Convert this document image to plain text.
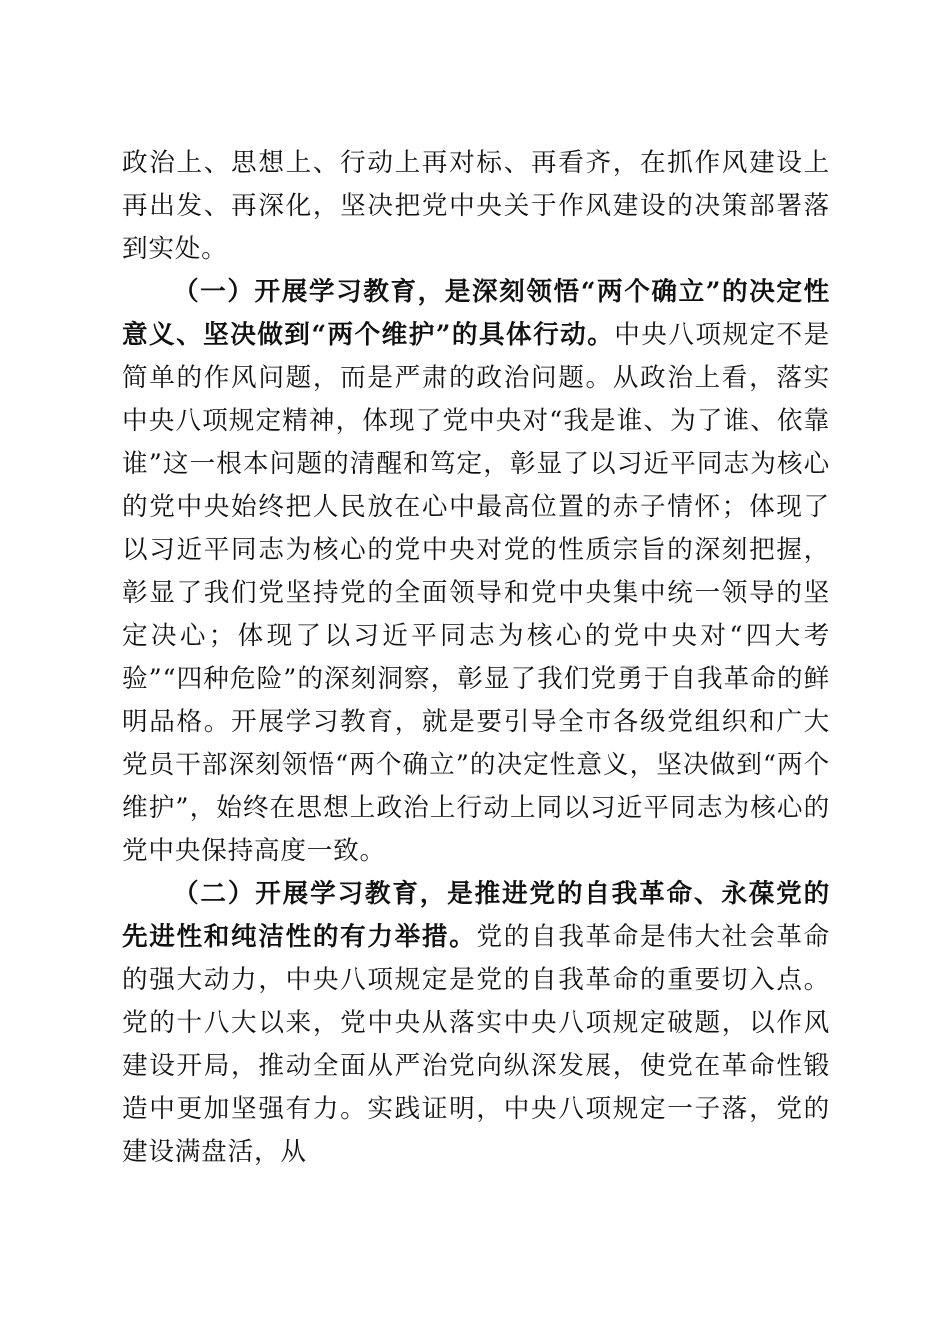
政治上、思想上、行动上再对标、再看齐，在抓作风建设上再出发、再深化，坚决把党中央关于作风建设的决策部署落到实处。

（一）开展学习教育，是深刻领悟“两个确立”的决定性意义、坚决做到“两个维护”的具体行动。中央八项规定不是简单的作风问题，而是严肃的政治问题。从政治上看，落实中央八项规定精神，体现了党中央对“我是谁、为了谁、依靠谁”这一根本问题的清醒和笃定，彰显了以习近平同志为核心的党中央始终把人民放在心中最高位置的赤子情怀；体现了以习近平同志为核心的党中央对党的性质宗旨的深刻把握，彰显了我们党坚持党的全面领导和党中央集中统一领导的坚定决心；体现了以习近平同志为核心的党中央对“四大考验”“四种危险”的深刻洞察，彰显了我们党勇于自我革命的鲜明品格。开展学习教育，就是要引导全市各级党组织和广大党员干部深刻领悟“两个确立”的决定性意义，坚决做到“两个维护”，始终在思想上政治上行动上同以习近平同志为核心的党中央保持高度一致。

（二）开展学习教育，是推进党的自我革命、永葆党的先进性和纯洁性的有力举措。党的自我革命是伟大社会革命的强大动力，中央八项规定是党的自我革命的重要切入点。党的十八大以来，党中央从落实中央八项规定破题，以作风建设开局，推动全面从严治党向纵深发展，使党在革命性锻造中更加坚强有力。实践证明，中央八项规定一子落，党的建设满盘活，从
